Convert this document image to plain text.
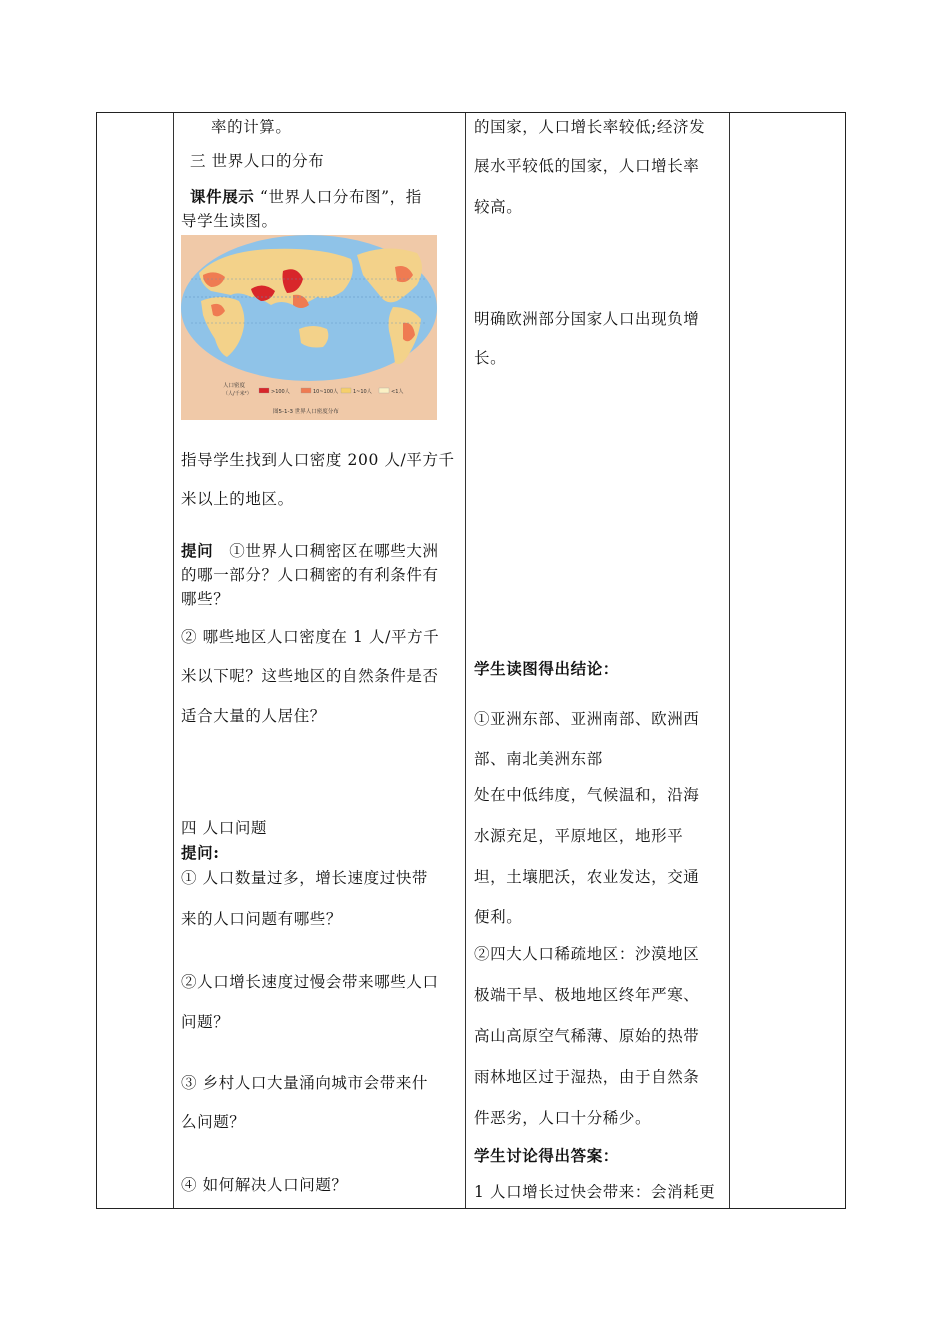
率的计算。
三 世界人口的分布
课件展示 “世界人口分布图”，指
导学生读图。
人口密度
（人/千米²）	>100人	10~100人	1~10人	<1人
图5-1-3 世界人口密度分布
指导学生找到人口密度 200 人/平方千
米以上的地区。
提问　①世界人口稠密区在哪些大洲
的哪一部分？人口稠密的有利条件有
哪些？
② 哪些地区人口密度在 1 人/平方千
米以下呢？这些地区的自然条件是否
适合大量的人居住？
四 人口问题
提问:
① 人口数量过多，增长速度过快带
来的人口问题有哪些？
②人口增长速度过慢会带来哪些人口
问题？
③ 乡村人口大量涌向城市会带来什
么问题？
④ 如何解决人口问题？
的国家，人口增长率较低;经济发
展水平较低的国家，人口增长率
较高。
明确欧洲部分国家人口出现负增
长。
学生读图得出结论：
①亚洲东部、亚洲南部、欧洲西
部、南北美洲东部
处在中低纬度，气候温和，沿海
水源充足，平原地区，地形平
坦，土壤肥沃，农业发达，交通
便利。
②四大人口稀疏地区：沙漠地区
极端干旱、极地地区终年严寒、
高山高原空气稀薄、原始的热带
雨林地区过于湿热，由于自然条
件恶劣，人口十分稀少。
学生讨论得出答案：
1 人口增长过快会带来：会消耗更
